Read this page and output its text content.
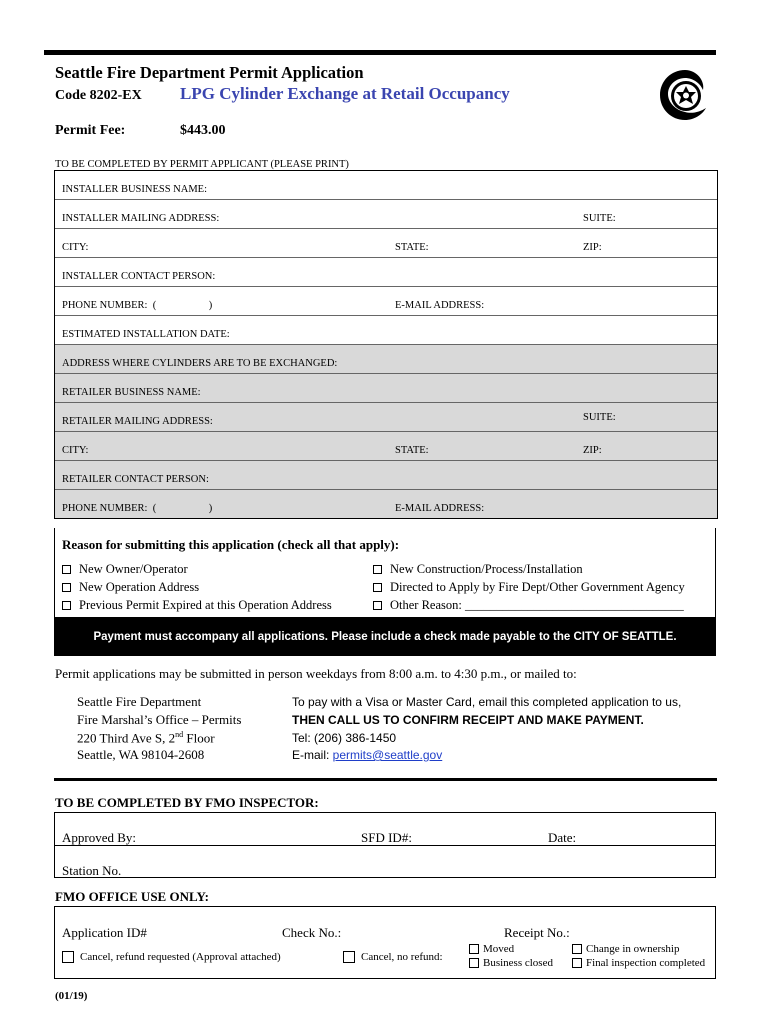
Seattle Fire Department Permit Application
Code 8202-EX LPG Cylinder Exchange at Retail Occupancy
Permit Fee:	$443.00
TO BE COMPLETED BY PERMIT APPLICANT (PLEASE PRINT)
INSTALLER BUSINESS NAME:
INSTALLER MAILING ADDRESS:	SUITE:
CITY:	STATE:	ZIP:
INSTALLER CONTACT PERSON:
PHONE NUMBER:  (                    )	E-MAIL ADDRESS:
ESTIMATED INSTALLATION DATE:
ADDRESS WHERE CYLINDERS ARE TO BE EXCHANGED:
RETAILER BUSINESS NAME:
RETAILER MAILING ADDRESS:	SUITE:
CITY:	STATE:	ZIP:
RETAILER CONTACT PERSON:
PHONE NUMBER:  (                    )	E-MAIL ADDRESS:
Reason for submitting this application (check all that apply):
New Owner/Operator
New Operation Address
Previous Permit Expired at this Operation Address
New Construction/Process/Installation
Directed to Apply by Fire Dept/Other Government Agency
Other Reason: ___________________________________
Payment must accompany all applications. Please include a check made payable to the CITY OF SEATTLE.
Permit applications may be submitted in person weekdays from 8:00 a.m. to 4:30 p.m., or mailed to:
Seattle Fire Department
Fire Marshal’s Office – Permits
220 Third Ave S, 2nd Floor
Seattle, WA 98104-2608
To pay with a Visa or Master Card, email this completed application to us,
THEN CALL US TO CONFIRM RECEIPT AND MAKE PAYMENT.
Tel: (206) 386-1450
E-mail: permits@seattle.gov
TO BE COMPLETED BY FMO INSPECTOR:
Approved By:	SFD ID#:	Date:
Station No.
FMO OFFICE USE ONLY:
Application ID#	Check No.:	Receipt No.:
Cancel, refund requested (Approval attached)	Cancel, no refund:
Moved
Business closed
Change in ownership
Final inspection completed
(01/19)
